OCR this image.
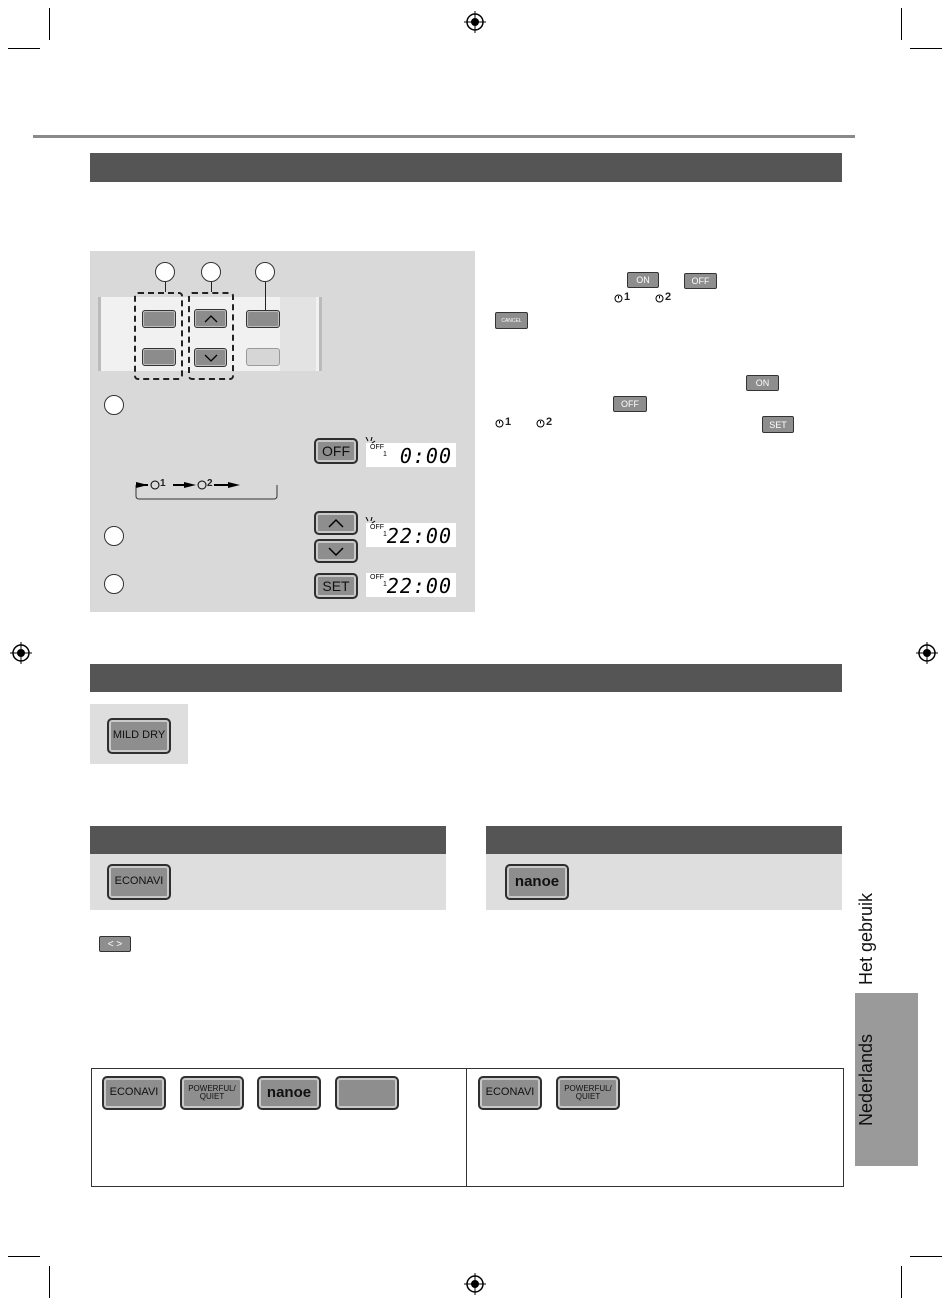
OFF	OFF
1 0:00
1	2
OFF
1 22:00
SET
OFF
1 22:00
ON	OFF
1	2
CANCEL
ON
OFF
1	2	SET
MILD DRY
ECONAVI	nanoe
< >	Het gebruik
Nederlands
ECONAVI	POWERFUL/
QUIET	nanoe	ECONAVI	POWERFUL/
QUIET
